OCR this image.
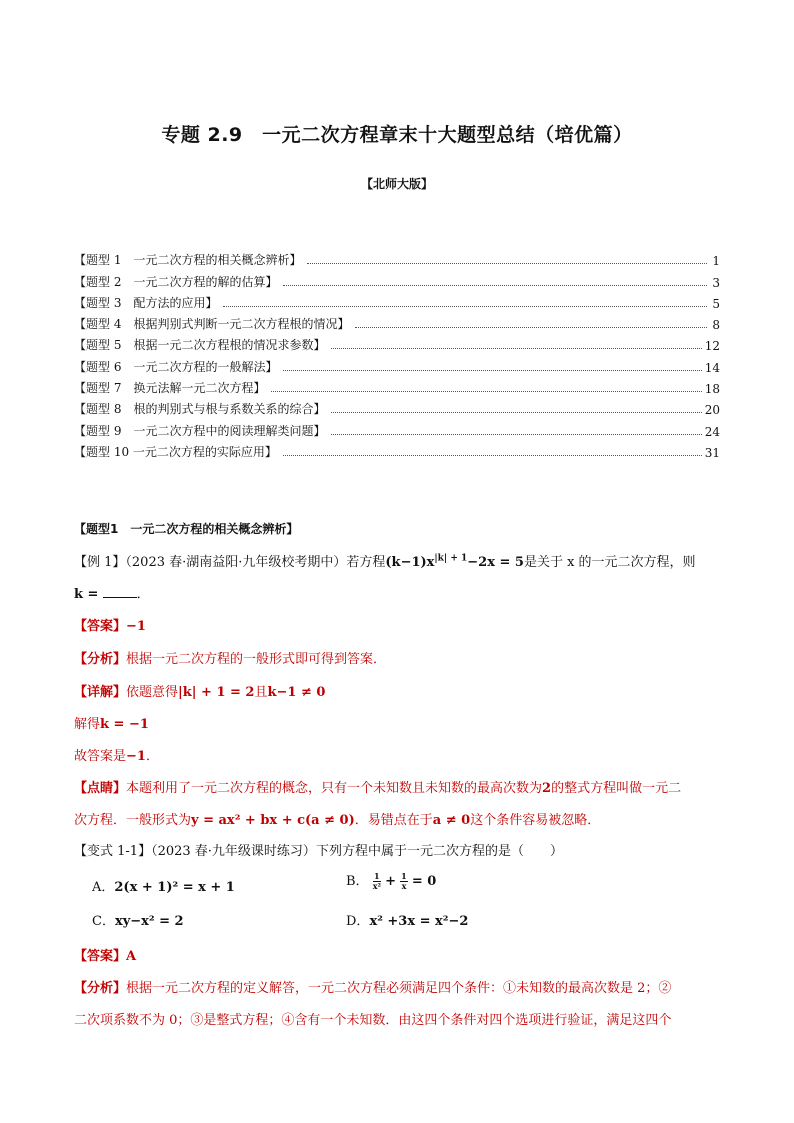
专题 2.9　一元二次方程章末十大题型总结（培优篇）
【北师大版】
【题型 1　一元二次方程的相关概念辨析】	1
【题型 2　一元二次方程的解的估算】	3
【题型 3　配方法的应用】	5
【题型 4　根据判别式判断一元二次方程根的情况】	8
【题型 5　根据一元二次方程根的情况求参数】	12
【题型 6　一元二次方程的一般解法】	14
【题型 7　换元法解一元二次方程】	18
【题型 8　根的判别式与根与系数关系的综合】	20
【题型 9　一元二次方程中的阅读理解类问题】	24
【题型 10 一元二次方程的实际应用】	31
【题型1　一元二次方程的相关概念辨析】
【例 1】（2023 春·湖南益阳·九年级校考期中）若方程$(k-1)x^{|k| + 1}-2x = 5$是关于 x 的一元二次方程，则
k =	．
【答案】−1
【分析】根据一元二次方程的一般形式即可得到答案．
【详解】依题意得|k| + 1 = 2且k−1 ≠ 0
解得k = −1
故答案是−1．
【点睛】本题利用了一元二次方程的概念，只有一个未知数且未知数的最高次数为2的整式方程叫做一元二
次方程．一般形式为y = ax² + bx + c(a ≠ 0)．易错点在于a ≠ 0这个条件容易被忽略．
【变式 1-1】（2023 春·九年级课时练习）下列方程中属于一元二次方程的是（　　）
A．2(x + 1)² = x + 1	B． $\frac{1}{\text{x²}} + \frac{1}{x} = 0$
C．xy−x² = 2	D．x² +3x = x²−2
【答案】A
【分析】根据一元二次方程的定义解答，一元二次方程必须满足四个条件：①未知数的最高次数是 2；②
二次项系数不为 0；③是整式方程；④含有一个未知数．由这四个条件对四个选项进行验证，满足这四个
